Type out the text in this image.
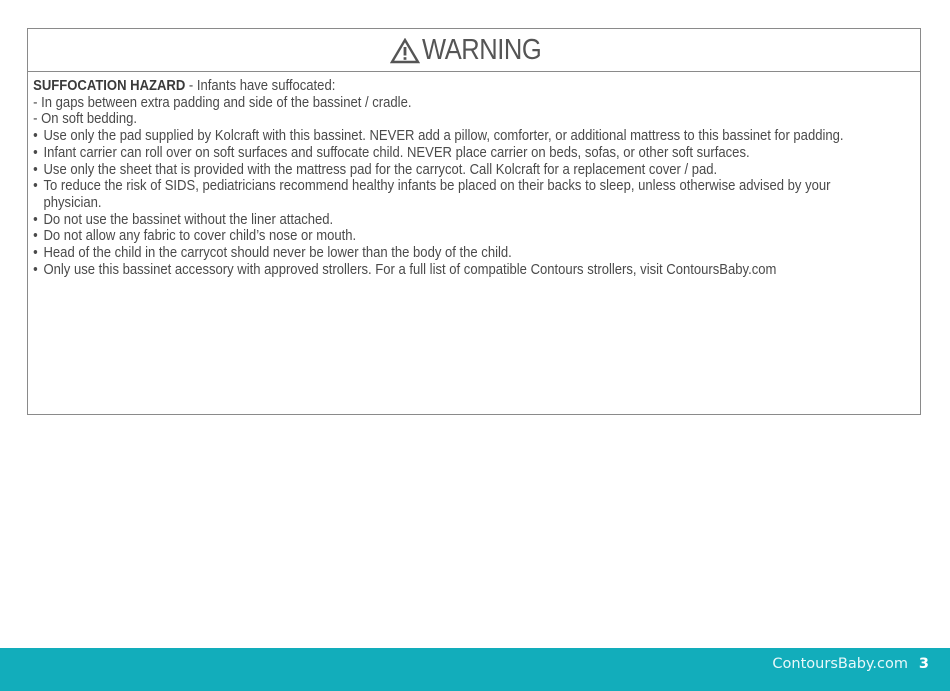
WARNING
SUFFOCATION HAZARD - Infants have suffocated:
- In gaps between extra padding and side of the bassinet / cradle.
- On soft bedding.
• Use only the pad supplied by Kolcraft with this bassinet. NEVER add a pillow, comforter, or additional mattress to this bassinet for padding.
• Infant carrier can roll over on soft surfaces and suffocate child. NEVER place carrier on beds, sofas, or other soft surfaces.
• Use only the sheet that is provided with the mattress pad for the carrycot. Call Kolcraft for a replacement cover / pad.
• To reduce the risk of SIDS, pediatricians recommend healthy infants be placed on their backs to sleep, unless otherwise advised by your
physician.
• Do not use the bassinet without the liner attached.
• Do not allow any fabric to cover child’s nose or mouth.
• Head of the child in the carrycot should never be lower than the body of the child.
• Only use this bassinet accessory with approved strollers. For a full list of compatible Contours strollers, visit ContoursBaby.com
ContoursBaby.com 3
